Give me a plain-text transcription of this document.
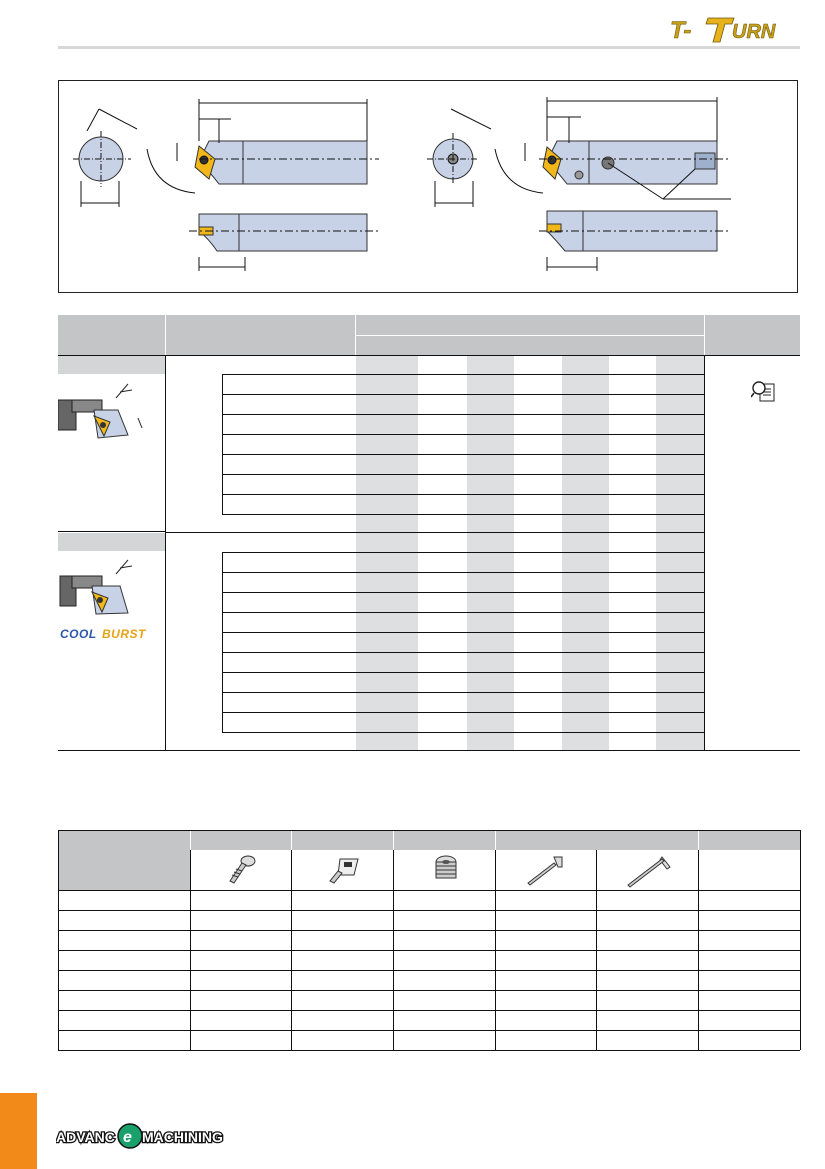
T- URN
COOL BURST
ADVANC e MACHINING
